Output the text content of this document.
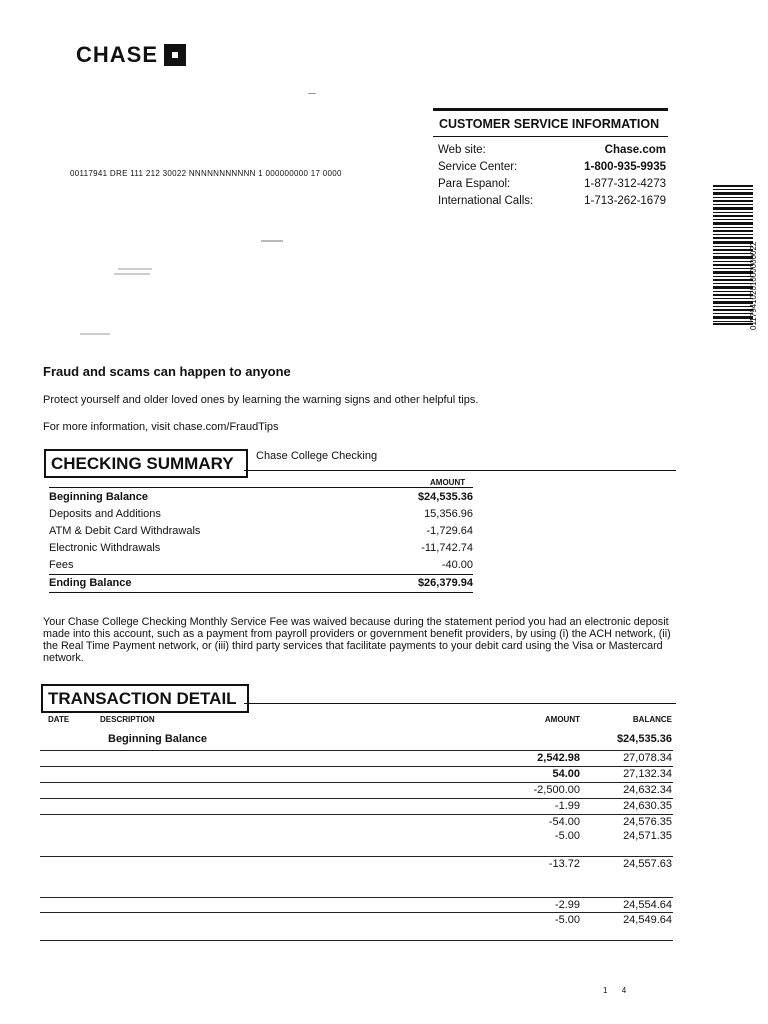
CHASE
CUSTOMER SERVICE INFORMATION
Web site:	Chase.com
Service Center:	1-800-935-9935
Para Espanol:	1-877-312-4273
International Calls:	1-713-262-1679
00117941 DRE 111 212 30022 NNNNNNNNNNN 1 000000000 17 0000
01179410201000000022
Fraud and scams can happen to anyone
Protect yourself and older loved ones by learning the warning signs and other helpful tips.
For more information, visit chase.com/FraudTips
CHECKING SUMMARY	Chase College Checking
AMOUNT
Beginning Balance	$24,535.36
Deposits and Additions	15,356.96
ATM & Debit Card Withdrawals	-1,729.64
Electronic Withdrawals	-11,742.74
Fees	-40.00
Ending Balance	$26,379.94
Your Chase College Checking Monthly Service Fee was waived because during the statement period you had an electronic deposit made into this account, such as a payment from payroll providers or government benefit providers, by using (i) the ACH network, (ii) the Real Time Payment network, or (iii) third party services that facilitate payments to your debit card using the Visa or Mastercard network.
TRANSACTION DETAIL
DATE	DESCRIPTION	AMOUNT	BALANCE
Beginning Balance	$24,535.36
2,542.98	27,078.34
54.00	27,132.34
-2,500.00	24,632.34
-1.99	24,630.35
-54.00	24,576.35
-5.00	24,571.35
-13.72	24,557.63
-2.99	24,554.64
-5.00	24,549.64
1 4
